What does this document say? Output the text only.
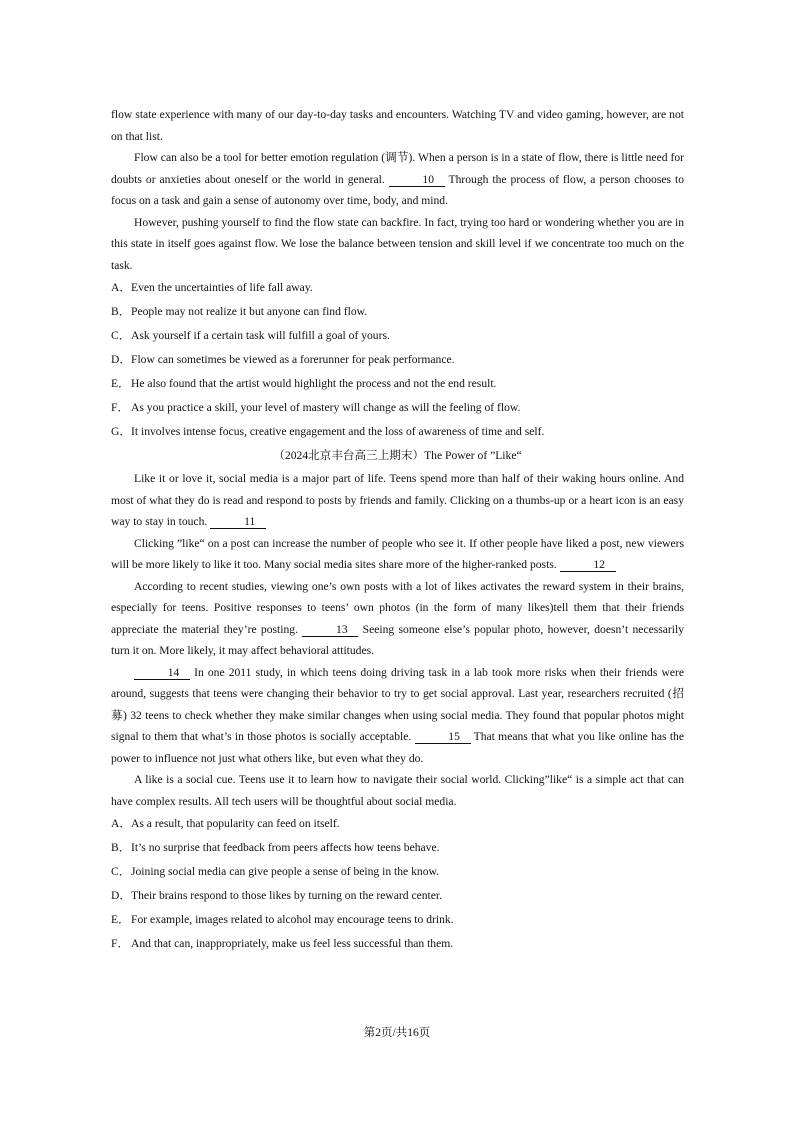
flow state experience with many of our day-to-day tasks and encounters. Watching TV and video gaming, however, are not on that list.

Flow can also be a tool for better emotion regulation (调节). When a person is in a state of flow, there is little need for doubts or anxieties about oneself or the world in general.	10 Through the process of flow, a person chooses to focus on a task and gain a sense of autonomy over time, body, and mind.

However, pushing yourself to find the flow state can backfire. In fact, trying too hard or wondering whether you are in this state in itself goes against flow. We lose the balance between tension and skill level if we concentrate too much on the task.

A．Even the uncertainties of life fall away.

B．People may not realize it but anyone can find flow.

C．Ask yourself if a certain task will fulfill a goal of yours.

D．Flow can sometimes be viewed as a forerunner for peak performance.

E．He also found that the artist would highlight the process and not the end result.

F． As you practice a skill, your level of mastery will change as will the feeling of flow.

G．It involves intense focus, creative engagement and the loss of awareness of time and self.

（2024北京丰台高三上期末）The Power of ”Like“

Like it or love it, social media is a major part of life. Teens spend more than half of their waking hours online. And most of what they do is read and respond to posts by friends and family. Clicking on a thumbs-up or a heart icon is an easy way to stay in touch.	11

Clicking ”like“ on a post can increase the number of people who see it. If other people have liked a post, new viewers will be more likely to like it too. Many social media sites share more of the higher-ranked posts.	12

According to recent studies, viewing one’s own posts with a lot of likes activates the reward system in their brains, especially for teens. Positive responses to teens’ own photos (in the form of many likes)tell them that their friends appreciate the material they’re posting.	13 Seeing someone else’s popular photo, however, doesn’t necessarily turn it on. More likely, it may affect behavioral attitudes.

14 In one 2011 study, in which teens doing driving task in a lab took more risks when their friends were around, suggests that teens were changing their behavior to try to get social approval. Last year, researchers recruited (招募) 32 teens to check whether they make similar changes when using social media. They found that popular photos might signal to them that what’s in those photos is socially acceptable.	15 That means that what you like online has the power to influence not just what others like, but even what they do.

A like is a social cue. Teens use it to learn how to navigate their social world. Clicking”like“ is a simple act that can have complex results. All tech users will be thoughtful about social media.

A．As a result, that popularity can feed on itself.

B．It’s no surprise that feedback from peers affects how teens behave.

C．Joining social media can give people a sense of being in the know.

D．Their brains respond to those likes by turning on the reward center.

E．For example, images related to alcohol may encourage teens to drink.

F． And that can, inappropriately, make us feel less successful than them.

第2页/共16页
